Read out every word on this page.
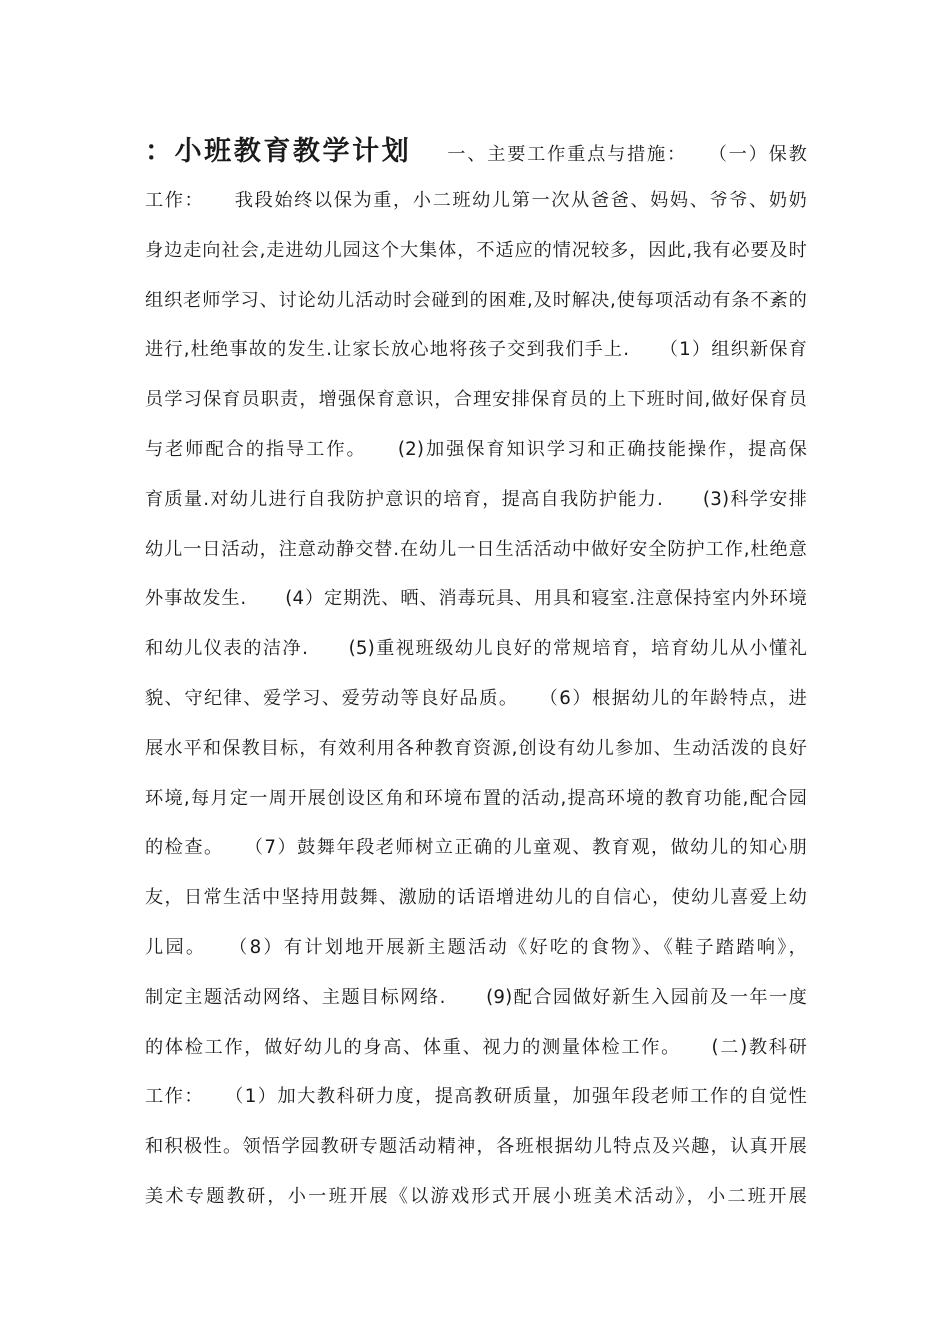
：小班教育教学计划 一、主要工作重点与措施：　　（一）保教
工作：　　我段始终以保为重，小二班幼儿第一次从爸爸、妈妈、爷爷、奶奶
身边走向社会,走进幼儿园这个大集体，不适应的情况较多，因此,我有必要及时
组织老师学习、讨论幼儿活动时会碰到的困难,及时解决,使每项活动有条不紊的
进行,杜绝事故的发生.让家长放心地将孩子交到我们手上.　　（1）组织新保育
员学习保育员职责，增强保育意识，合理安排保育员的上下班时间,做好保育员
与老师配合的指导工作。　　(2)加强保育知识学习和正确技能操作，提高保
育质量.对幼儿进行自我防护意识的培育，提高自我防护能力.　　(3)科学安排
幼儿一日活动，注意动静交替.在幼儿一日生活活动中做好安全防护工作,杜绝意
外事故发生.　　(4）定期洗、晒、消毒玩具、用具和寝室.注意保持室内外环境
和幼儿仪表的洁净.　　(5)重视班级幼儿良好的常规培育，培育幼儿从小懂礼
貌、守纪律、爱学习、爱劳动等良好品质。　　（6）根据幼儿的年龄特点，进
展水平和保教目标，有效利用各种教育资源,创设有幼儿参加、生动活泼的良好
环境,每月定一周开展创设区角和环境布置的活动,提高环境的教育功能,配合园
的检查。　　（7）鼓舞年段老师树立正确的儿童观、教育观，做幼儿的知心朋
友，日常生活中坚持用鼓舞、激励的话语增进幼儿的自信心，使幼儿喜爱上幼
儿园。　　（8）有计划地开展新主题活动《好吃的食物》、《鞋子踏踏响》，
制定主题活动网络、主题目标网络.　　(9)配合园做好新生入园前及一年一度
的体检工作，做好幼儿的身高、体重、视力的测量体检工作。　　(二)教科研
工作：　　（1）加大教科研力度，提高教研质量，加强年段老师工作的自觉性
和积极性。领悟学园教研专题活动精神，各班根据幼儿特点及兴趣，认真开展
美术专题教研，小一班开展《以游戏形式开展小班美术活动》，小二班开展
